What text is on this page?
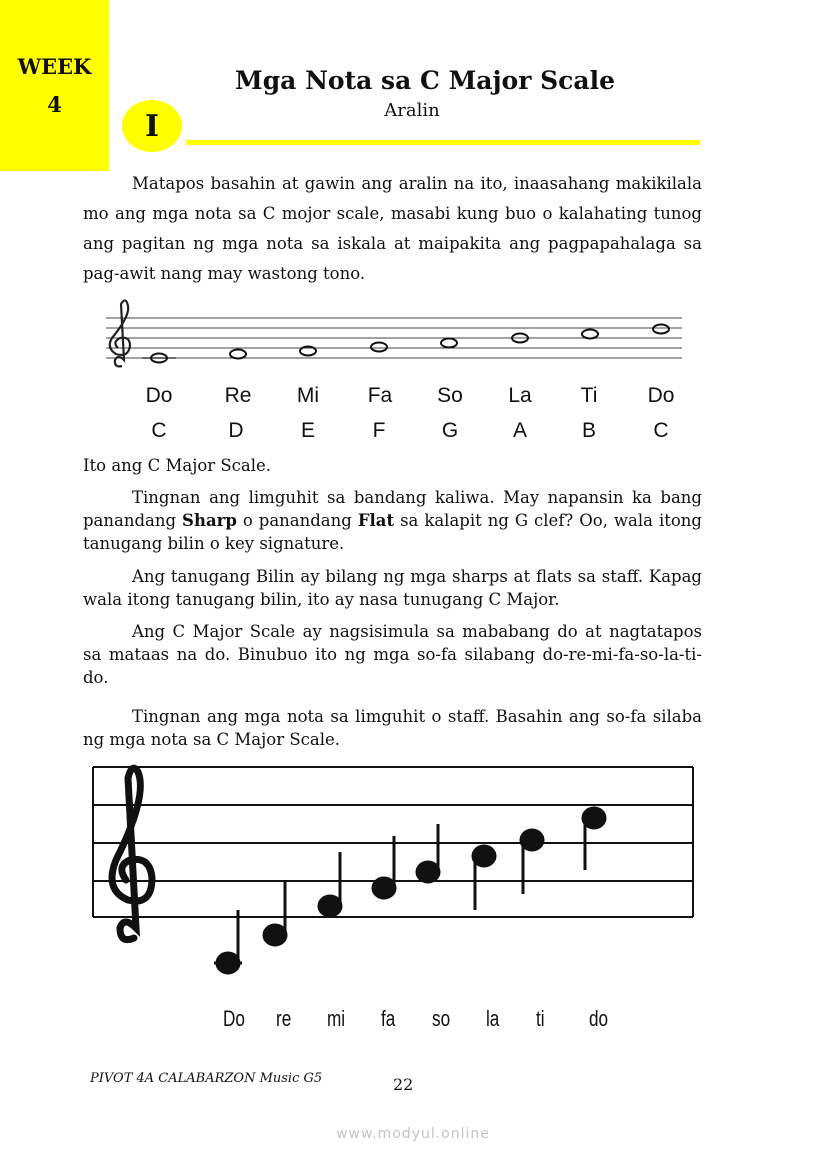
WEEK
4
Mga Nota sa C Major Scale
Aralin
I

Matapos basahin at gawin ang aralin na ito, inaasahang makikilala mo ang mga nota sa C mojor scale, masabi kung buo o kalahating tunog ang pagitan ng mga nota sa iskala at maipakita ang pagpapahalaga sa pag-awit nang may wastong tono.

Do	Re	Mi	Fa	So	La	Ti	Do
C	D	E	F	G	A	B	C

Ito ang C Major Scale.

Tingnan ang limguhit sa bandang kaliwa. May napansin ka bang panandang Sharp o panandang Flat sa kalapit ng G clef? Oo, wala itong tanugang bilin o key signature.

Ang tanugang Bilin ay bilang ng mga sharps at flats sa staff. Kapag wala itong tanugang bilin, ito ay nasa tunugang C Major.

Ang C Major Scale ay nagsisimula sa mababang do at nagtatapos sa mataas na do. Binubuo ito ng mga so-fa silabang do-re-mi-fa-so-la-ti-do.

Tingnan ang mga nota sa limguhit o staff. Basahin ang so-fa silaba ng mga nota sa C Major Scale.

Do re mi fa so la ti do
PIVOT 4A CALABARZON Music G5	22
www.modyul.online
